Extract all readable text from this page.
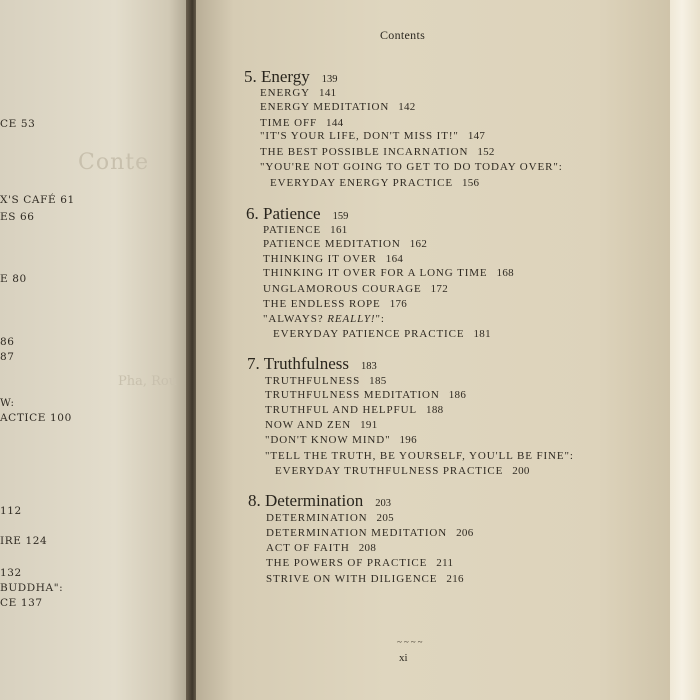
Conte
Pha, Rou
CE 53
X'S CAFÉ 61
ES 66
E 80
86
87
W:
ACTICE 100
112
IRE 124
132
BUDDHA":
CE 137
Contents
5. Energy 139
ENERGY 141
ENERGY MEDITATION 142
TIME OFF 144
"IT'S YOUR LIFE, DON'T MISS IT!" 147
THE BEST POSSIBLE INCARNATION 152
"YOU'RE NOT GOING TO GET TO DO TODAY OVER":
EVERYDAY ENERGY PRACTICE 156
6. Patience 159
PATIENCE 161
PATIENCE MEDITATION 162
THINKING IT OVER 164
THINKING IT OVER FOR A LONG TIME 168
UNGLAMOROUS COURAGE 172
THE ENDLESS ROPE 176
"ALWAYS? REALLY!":
EVERYDAY PATIENCE PRACTICE 181
7. Truthfulness 183
TRUTHFULNESS 185
TRUTHFULNESS MEDITATION 186
TRUTHFUL AND HELPFUL 188
NOW AND ZEN 191
"DON'T KNOW MIND" 196
"TELL THE TRUTH, BE YOURSELF, YOU'LL BE FINE":
EVERYDAY TRUTHFULNESS PRACTICE 200
8. Determination 203
DETERMINATION 205
DETERMINATION MEDITATION 206
ACT OF FAITH 208
THE POWERS OF PRACTICE 211
STRIVE ON WITH DILIGENCE 216
~~~~
xi
